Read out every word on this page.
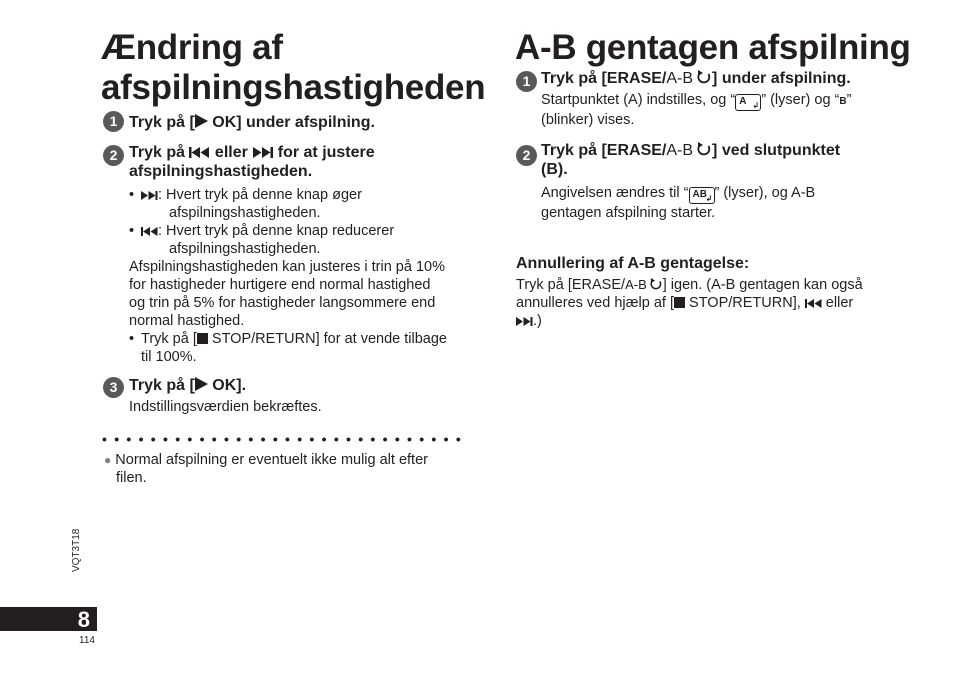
Ændring af
afspilningshastigheden
1 Tryk på [ OK] under afspilning.
2 Tryk på  eller  for at justere
afspilningshastigheden.
• : Hvert tryk på denne knap øger
afspilningshastigheden.
• : Hvert tryk på denne knap reducerer
afspilningshastigheden.
Afspilningshastigheden kan justeres i trin på 10%
for hastigheder hurtigere end normal hastighed
og trin på 5% for hastigheder langsommere end
normal hastighed.
• Tryk på [ STOP/RETURN] for at vende tilbage
til 100%.
3 Tryk på [ OK].
Indstillingsværdien bekræftes.
••••••••••••••••••••••••••••••
● Normal afspilning er eventuelt ikke mulig alt efter
filen.
A-B gentagen afspilning
1 Tryk på [ERASE/A-B ] under afspilning.
Startpunktet (A) indstilles, og “ A ↲ ” (lyser) og “B”
(blinker) vises.
2 Tryk på [ERASE/A-B ] ved slutpunktet
(B).
Angivelsen ændres til “ AB
↲ ” (lyser), og A-B
gentagen afspilning starter.
Annullering af A-B gentagelse:
Tryk på [ERASE/A-B ] igen. (A-B gentagen kan også
annulleres ved hjælp af [ STOP/RETURN],  eller
.)
VQT3T18
8
114
